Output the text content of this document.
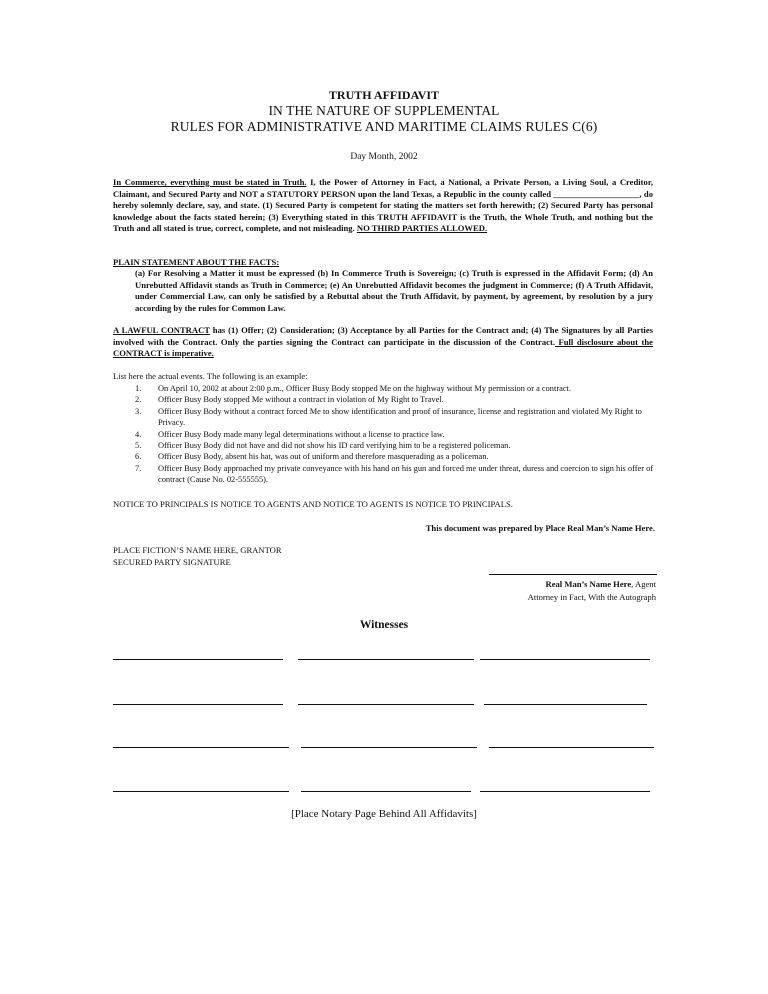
TRUTH AFFIDAVIT
IN THE NATURE OF SUPPLEMENTAL
RULES FOR ADMINISTRATIVE AND MARITIME CLAIMS RULES C(6)
Day Month, 2002
In Commerce, everything must be stated in Truth. I, the Power of Attorney in Fact, a National, a Private Person, a Living Soul, a Creditor, Claimant, and Secured Party and NOT a STATUTORY PERSON upon the land Texas, a Republic in the county called ____________________, do hereby solemnly declare, say, and state. (1) Secured Party is competent for stating the matters set forth herewith; (2) Secured Party has personal knowledge about the facts stated herein; (3) Everything stated in this TRUTH AFFIDAVIT is the Truth, the Whole Truth, and nothing but the Truth and all stated is true, correct, complete, and not misleading. NO THIRD PARTIES ALLOWED.
PLAIN STATEMENT ABOUT THE FACTS:
(a) For Resolving a Matter it must be expressed (b) In Commerce Truth is Sovereign; (c) Truth is expressed in the Affidavit Form; (d) An Unrebutted Affidavit stands as Truth in Commerce; (e) An Unrebutted Affidavit becomes the judgment in Commerce; (f) A Truth Affidavit, under Commercial Law, can only be satisfied by a Rebuttal about the Truth Affidavit, by payment, by agreement, by resolution by a jury according by the rules for Common Law.
A LAWFUL CONTRACT has (1) Offer; (2) Consideration; (3) Acceptance by all Parties for the Contract and; (4) The Signatures by all Parties involved with the Contract. Only the parties signing the Contract can participate in the discussion of the Contract. Full disclosure about the CONTRACT is imperative.
List here the actual events. The following is an example:
1. On April 10, 2002 at about 2:00 p.m., Officer Busy Body stopped Me on the highway without My permission or a contract.
2. Officer Busy Body stopped Me without a contract in violation of My Right to Travel.
3. Officer Busy Body without a contract forced Me to show identification and proof of insurance, license and registration and violated My Right to Privacy.
4. Officer Busy Body made many legal determinations without a license to practice law.
5. Officer Busy Body did not have and did not show his ID card verifying him to be a registered policeman.
6. Officer Busy Body, absent his hat, was out of uniform and therefore masquerading as a policeman.
7. Officer Busy Body approached my private conveyance with his hand on his gun and forced me under threat, duress and coercion to sign his offer of contract (Cause No. 02-555555).
NOTICE TO PRINCIPALS IS NOTICE TO AGENTS AND NOTICE TO AGENTS IS NOTICE TO PRINCIPALS.
This document was prepared by Place Real Man’s Name Here.
PLACE FICTION’S NAME HERE, GRANTOR
SECURED PARTY SIGNATURE
Real Man’s Name Here, Agent
Attorney in Fact, With the Autograph
Witnesses
[Place Notary Page Behind All Affidavits]
